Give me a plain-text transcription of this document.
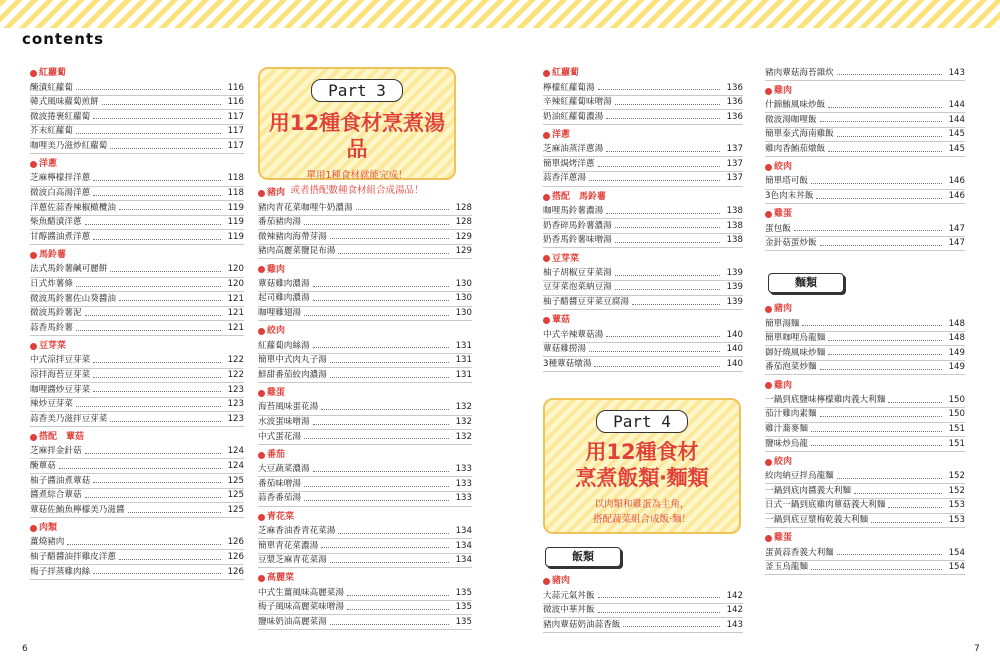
contents
紅蘿蔔
醃漬紅蘿蔔	116
韓式風味蘿蔔煎餅	116
微波捲裹紅蘿蔔	117
芥末紅蘿蔔	117
咖哩美乃滋炒紅蘿蔔	117
洋蔥
芝麻檸檬拌洋蔥	118
微波白高湯洋蔥	118
洋蔥佐蒜香辣椒橄欖油	119
柴魚醋漬洋蔥	119
甘醇醬油煮洋蔥	119
馬鈴薯
法式馬鈴薯鹹可麗餅	120
日式炸薯條	120
微波馬鈴薯佐山葵醬油	121
微波馬鈴薯泥	121
蒜香馬鈴薯	121
豆芽菜
中式涼拌豆芽菜	122
涼拌海苔豆芽菜	122
咖哩醬炒豆芽菜	123
辣炒豆芽菜	123
蒜香美乃滋拌豆芽菜	123
搭配　蕈菇
芝麻拌金針菇	124
醃蕈菇	124
柚子醬油煮蕈菇	125
醬煮綜合蕈菇	125
蕈菇佐鮪魚檸檬美乃滋醬	125
肉類
薑燒豬肉	126
柚子醋醬油拌雞皮洋蔥	126
梅子拌蒸雞肉絲	126
Part 3
用12種食材烹煮湯品
單用1種食材就能完成！
或者搭配數種食材組合成湯品！
豬肉
豬肉青花菜咖哩牛奶濃湯	128
番茄豬肉湯	128
微辣豬肉海帶芽湯	129
豬肉高麗菜鹽昆布湯	129
雞肉
蕈菇雞肉濃湯	130
起司雞肉濃湯	130
咖哩雞翅湯	130
絞肉
紅蘿蔔肉絲湯	131
簡單中式肉丸子湯	131
鮮甜番茄絞肉濃湯	131
雞蛋
海苔風味蛋花湯	132
水波蛋味噌湯	132
中式蛋花湯	132
番茄
大豆蔬菜濃湯	133
番茄味噌湯	133
蒜香番茄湯	133
青花菜
芝麻香油香青花菜湯	134
簡單青花菜濃湯	134
豆漿芝麻青花菜湯	134
高麗菜
中式生薑風味高麗菜湯	135
梅子風味高麗菜味噌湯	135
鹽味奶油高麗菜湯	135
紅蘿蔔
檸檬紅蘿蔔湯	136
辛辣紅蘿蔔味噌湯	136
奶油紅蘿蔔濃湯	136
洋蔥
芝麻油蒸洋蔥湯	137
簡單焗烤洋蔥	137
蒜香洋蔥湯	137
搭配　馬鈴薯
咖哩馬鈴薯濃湯	138
奶香碎馬鈴薯濃湯	138
奶香馬鈴薯味噌湯	138
豆芽菜
柚子胡椒豆芽菜湯	139
豆芽菜泡菜納豆湯	139
柚子醋醬豆芽菜豆腐湯	139
蕈菇
中式辛辣蕈菇湯	140
蕈菇雞撈湯	140
3種蕈菇燉湯	140
Part 4
用12種食材
烹煮飯類‧麵類
以肉類和雞蛋為主角，
搭配蔬菜組合成飯‧麵！
飯類
豬肉
大蒜元氣丼飯	142
微波中華丼飯	142
豬肉蕈菇奶油蒜香飯	143
豬肉蕈菇海苔雜炊	143
雞肉
什錦鮪風味炒飯	144
微波湯咖哩飯	144
簡單泰式海南雞飯	145
雞肉香鮪茄燉飯	145
絞肉
簡單塔可飯	146
3色肉末丼飯	146
雞蛋
蛋包飯	147
金針菇蛋炒飯	147
麵類
豬肉
簡單湯麵	148
簡單咖哩烏龍麵	148
御好燒風味炒麵	149
番茄泡菜炒麵	149
雞肉
一鍋到底鹽味檸檬雞肉義大利麵	150
茄汁雞肉素麵	150
雞汁蕎麥麵	151
鹽味炒烏龍	151
絞肉
絞肉納豆拌烏龍麵	152
一鍋到底肉醬義大利麵	152
日式一鍋到底雞肉蕈菇義大利麵	153
一鍋到底豆漿梅乾義大利麵	153
雞蛋
蛋黃蒜香義大利麵	154
釜玉烏龍麵	154
6	7
